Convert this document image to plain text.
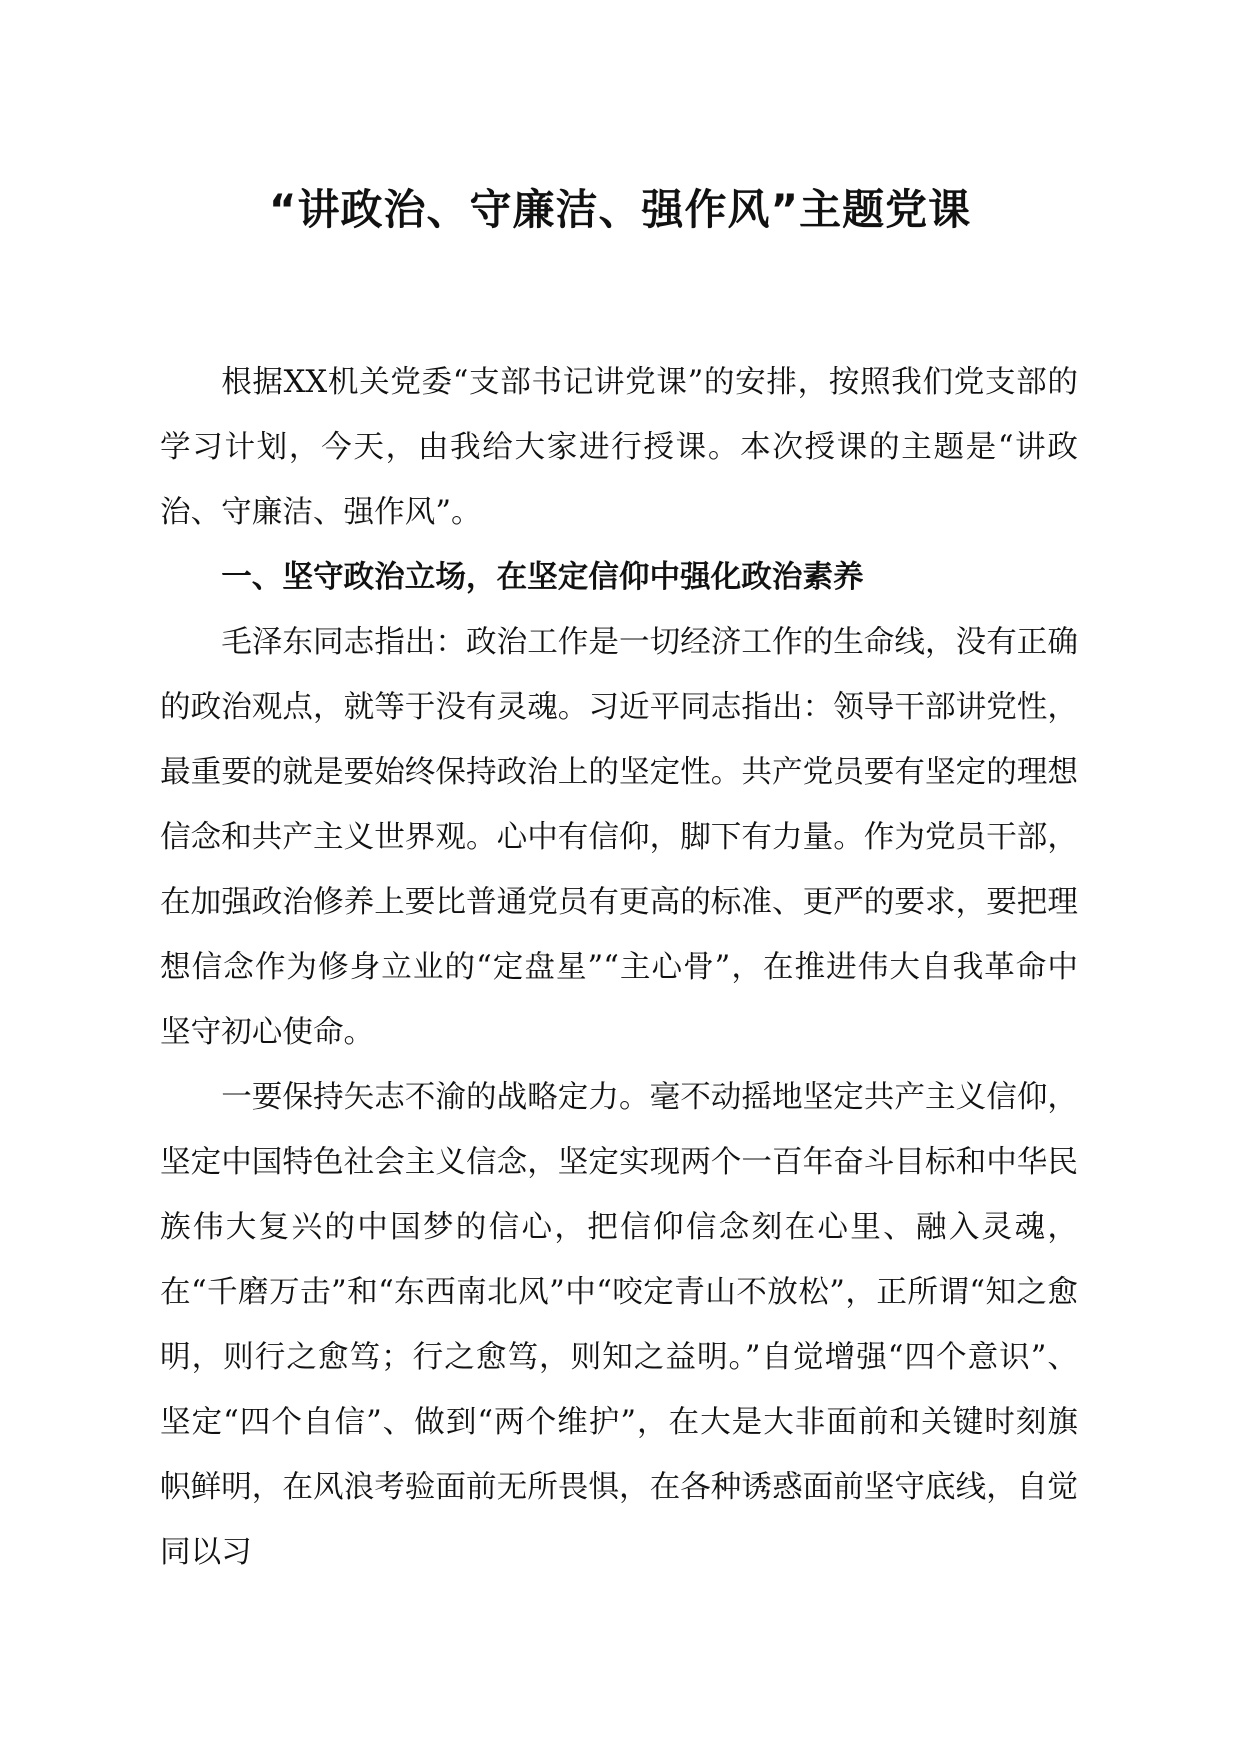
“讲政治、守廉洁、强作风”主题党课

根据XX机关党委“支部书记讲党课”的安排，按照我们党支部的学习计划，今天，由我给大家进行授课。本次授课的主题是“讲政治、守廉洁、强作风”。

一、坚守政治立场，在坚定信仰中强化政治素养

毛泽东同志指出：政治工作是一切经济工作的生命线，没有正确的政治观点，就等于没有灵魂。习近平同志指出：领导干部讲党性，最重要的就是要始终保持政治上的坚定性。共产党员要有坚定的理想信念和共产主义世界观。心中有信仰，脚下有力量。作为党员干部，在加强政治修养上要比普通党员有更高的标准、更严的要求，要把理想信念作为修身立业的“定盘星”“主心骨”，在推进伟大自我革命中坚守初心使命。

一要保持矢志不渝的战略定力。毫不动摇地坚定共产主义信仰，坚定中国特色社会主义信念，坚定实现两个一百年奋斗目标和中华民族伟大复兴的中国梦的信心，把信仰信念刻在心里、融入灵魂，在“千磨万击”和“东西南北风”中“咬定青山不放松”，正所谓“知之愈明，则行之愈笃；行之愈笃，则知之益明。”自觉增强“四个意识”、坚定“四个自信”、做到“两个维护”，在大是大非面前和关键时刻旗帜鲜明，在风浪考验面前无所畏惧，在各种诱惑面前坚守底线，自觉同以习
